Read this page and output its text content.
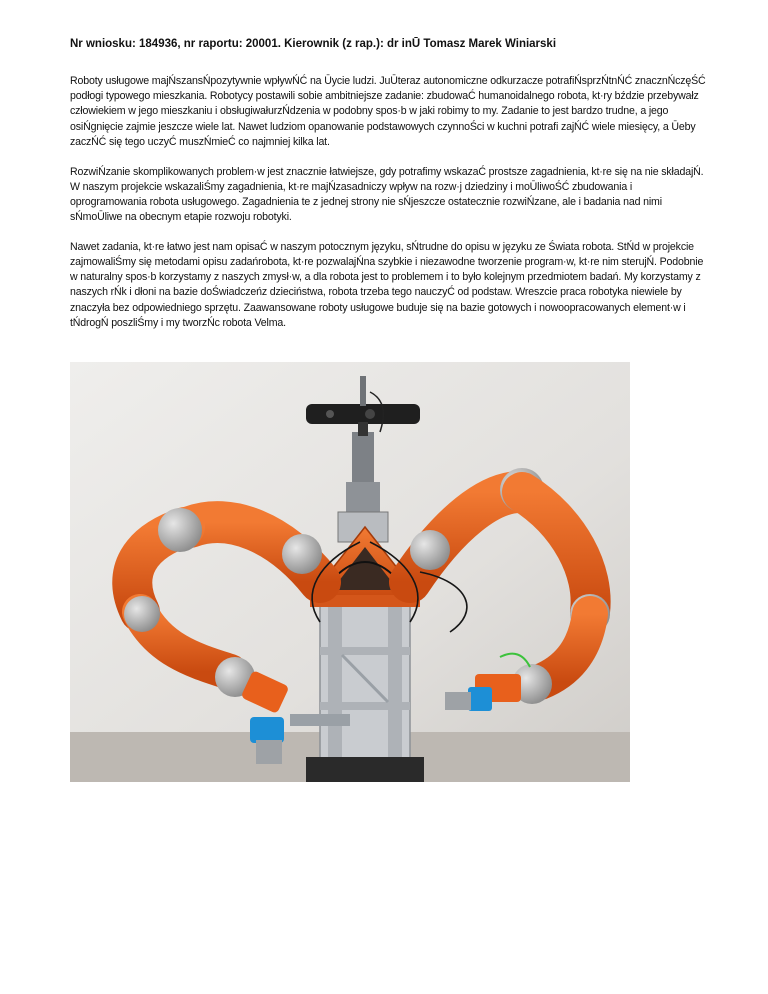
Nr wniosku: 184936, nr raportu: 20001. Kierownik (z rap.): dr inŪ Tomasz Marek Winiarski

Roboty usługowe majŃszansŃpozytywnie wpływŃĆ na Ūycie ludzi. JuŪteraz autonomiczne odkurzacze potrafiŃsprzŃtnŃĆ znacznŃczęŚĆ podłogi typowego mieszkania. Robotycy postawili sobie ambitniejsze zadanie: zbudowaĆ humanoidalnego robota, kt·ry bździe przebywałz człowiekiem w jego mieszkaniu i obsługiwałurzŃdzenia w podobny spos·b w jaki robimy to my. Zadanie to jest bardzo trudne, a jego osiŃgnięcie zajmie jeszcze wiele lat. Nawet ludziom opanowanie podstawowych czynnoŚci w kuchni potrafi zajŃĆ wiele miesięcy, a Ūeby zaczŃĆ się tego uczyĆ muszŃmieĆ co najmniej kilka lat.

RozwiŃzanie skomplikowanych problem·w jest znacznie łatwiejsze, gdy potrafimy wskazaĆ prostsze zagadnienia, kt·re się na nie składajŃ. W naszym projekcie wskazaliŚmy zagadnienia, kt·re majŃzasadniczy wpływ na rozw·j dziedziny i moŪliwoŚĆ zbudowania i oprogramowania robota usługowego. Zagadnienia te z jednej strony nie sŃjeszcze ostatecznie rozwiŃzane, ale i badania nad nimi sŃmoŪliwe na obecnym etapie rozwoju robotyki.

Nawet zadania, kt·re łatwo jest nam opisaĆ w naszym potocznym języku, sŃtrudne do opisu w języku ze Świata robota. StŃd w projekcie zajmowaliŚmy się metodami opisu zadańrobota, kt·re pozwalajŃna szybkie i niezawodne tworzenie program·w, kt·re nim sterujŃ. Podobnie w naturalny spos·b korzystamy z naszych zmysł·w, a dla robota jest to problemem i to było kolejnym przedmiotem badań. My korzystamy z naszych rŃk i dłoni na bazie doŚwiadczeńz dzieciństwa, robota trzeba tego nauczyĆ od podstaw. Wreszcie praca robotyka niewiele by znaczyła bez odpowiedniego sprzętu. Zaawansowane roboty usługowe buduje się na bazie gotowych i nowoopracowanych element·w i tŃdrogŃ poszliŚmy i my tworzŃc robota Velma.
